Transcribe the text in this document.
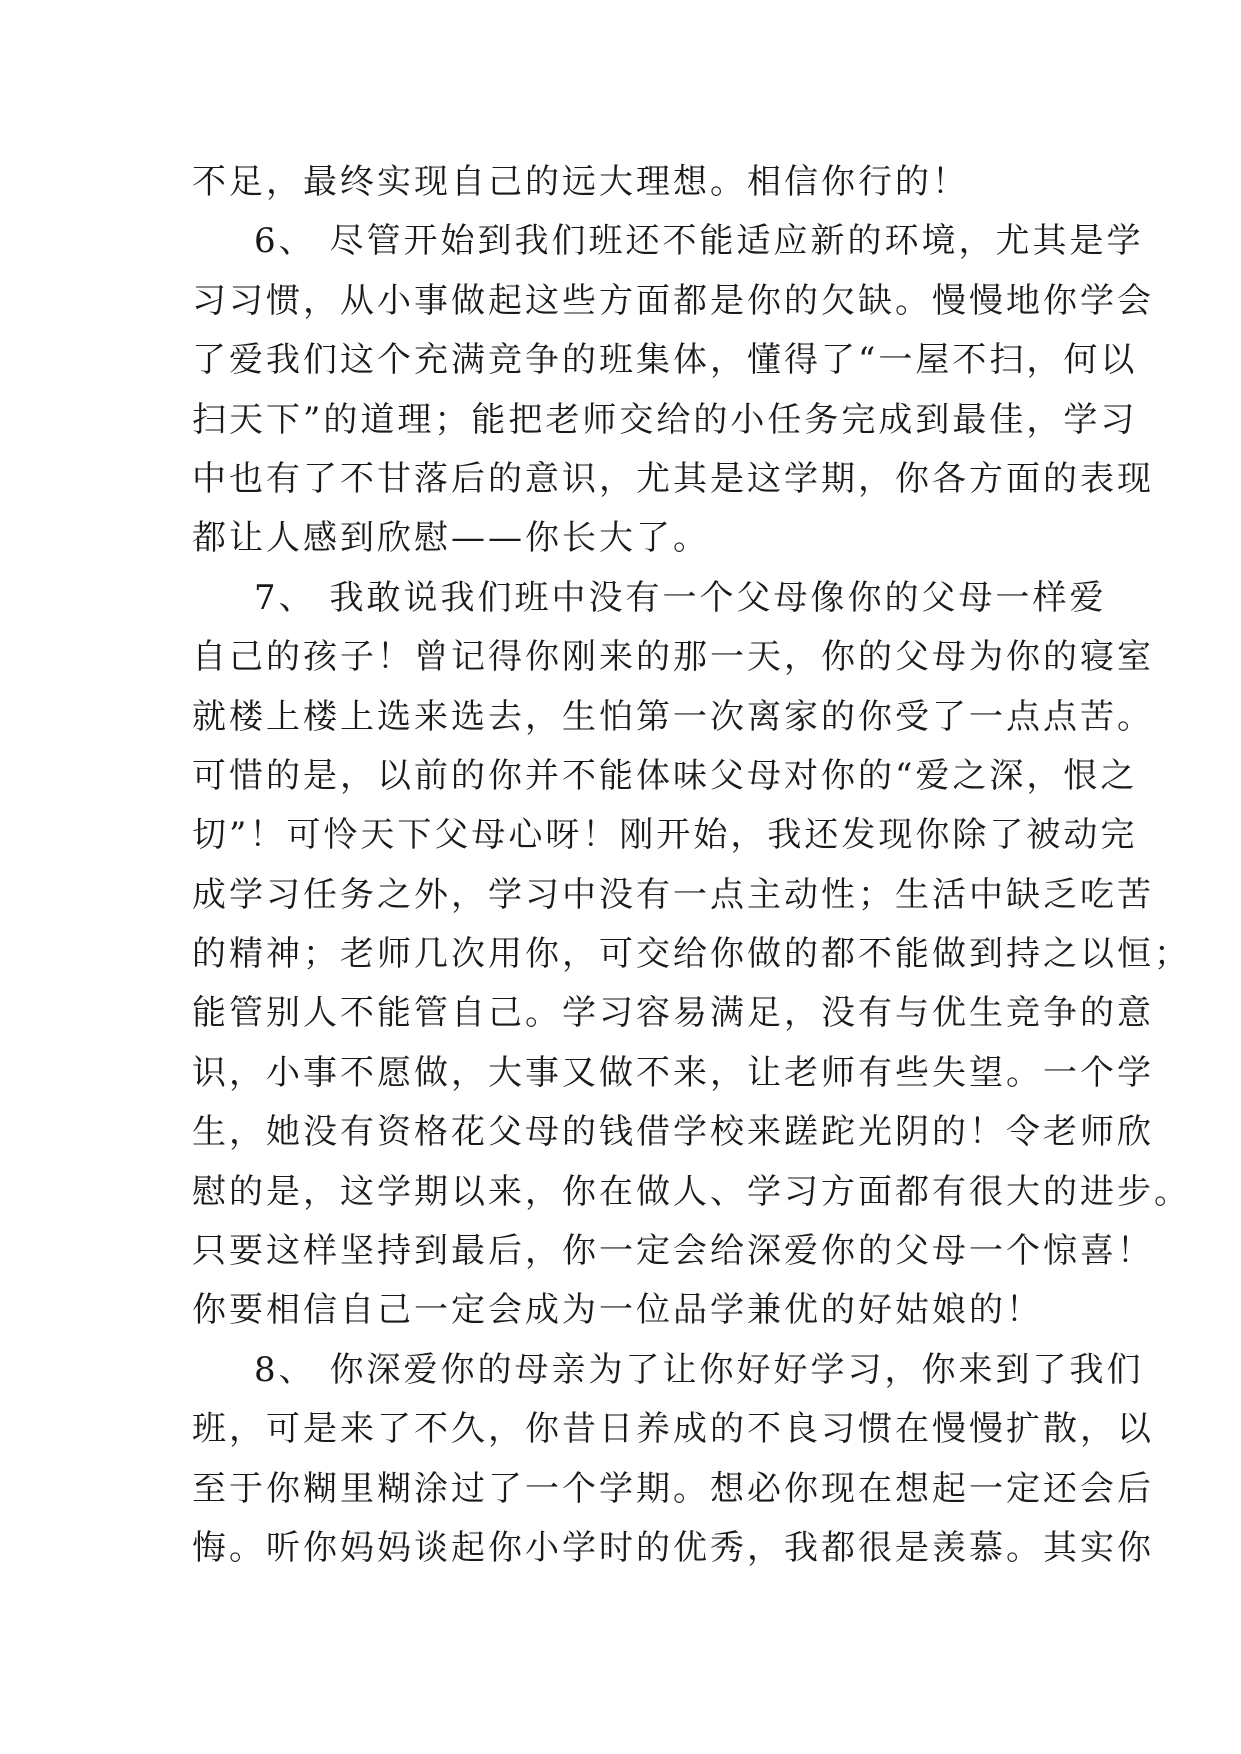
不足，最终实现自己的远大理想。相信你行的！
6、 尽管开始到我们班还不能适应新的环境，尤其是学
习习惯，从小事做起这些方面都是你的欠缺。慢慢地你学会
了爱我们这个充满竞争的班集体，懂得了“一屋不扫，何以
扫天下”的道理；能把老师交给的小任务完成到最佳，学习
中也有了不甘落后的意识，尤其是这学期，你各方面的表现
都让人感到欣慰——你长大了。
7、 我敢说我们班中没有一个父母像你的父母一样爱
自己的孩子！曾记得你刚来的那一天，你的父母为你的寝室
就楼上楼上选来选去，生怕第一次离家的你受了一点点苦。
可惜的是，以前的你并不能体味父母对你的“爱之深，恨之
切”！可怜天下父母心呀！刚开始，我还发现你除了被动完
成学习任务之外，学习中没有一点主动性；生活中缺乏吃苦
的精神；老师几次用你，可交给你做的都不能做到持之以恒；
能管别人不能管自己。学习容易满足，没有与优生竞争的意
识，小事不愿做，大事又做不来，让老师有些失望。一个学
生，她没有资格花父母的钱借学校来蹉跎光阴的！令老师欣
慰的是，这学期以来，你在做人、学习方面都有很大的进步。
只要这样坚持到最后，你一定会给深爱你的父母一个惊喜！
你要相信自己一定会成为一位品学兼优的好姑娘的！
8、 你深爱你的母亲为了让你好好学习，你来到了我们
班，可是来了不久，你昔日养成的不良习惯在慢慢扩散，以
至于你糊里糊涂过了一个学期。想必你现在想起一定还会后
悔。听你妈妈谈起你小学时的优秀，我都很是羡慕。其实你
